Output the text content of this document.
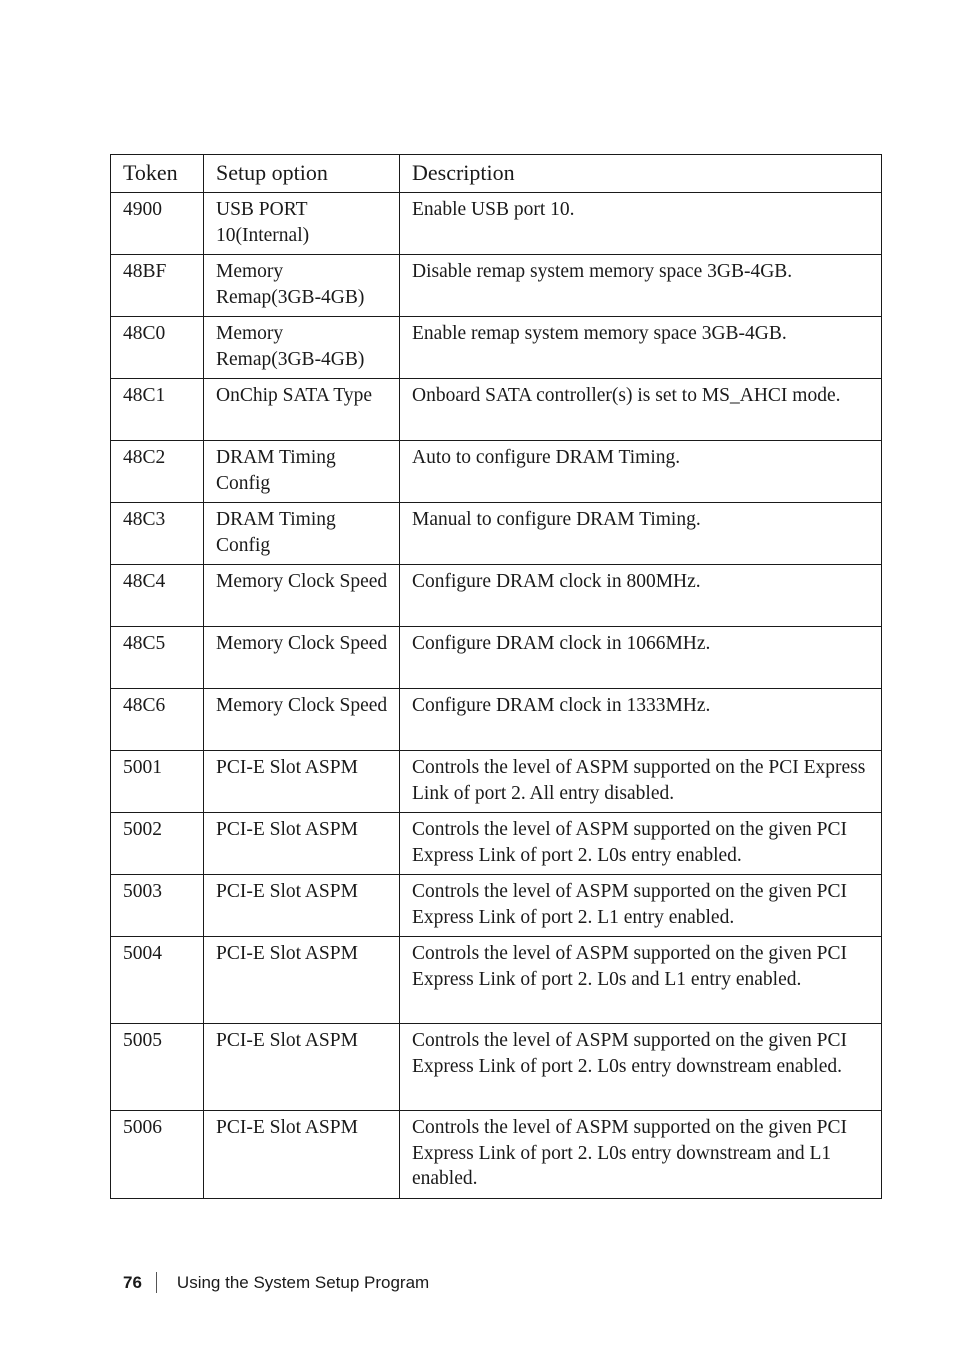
Token	Setup option	Description
4900	USB PORT 10(Internal)	Enable USB port 10.
48BF	Memory Remap(3GB-4GB)	Disable remap system memory space 3GB-4GB.
48C0	Memory Remap(3GB-4GB)	Enable remap system memory space 3GB-4GB.
48C1	OnChip SATA Type	Onboard SATA controller(s) is set to MS_AHCI mode.
48C2	DRAM Timing Config	Auto to configure DRAM Timing.
48C3	DRAM Timing Config	Manual to configure DRAM Timing.
48C4	Memory Clock Speed	Configure DRAM clock in 800MHz.
48C5	Memory Clock Speed	Configure DRAM clock in 1066MHz.
48C6	Memory Clock Speed	Configure DRAM clock in 1333MHz.
5001	PCI-E Slot ASPM	Controls the level of ASPM supported on the PCI Express Link of port 2. All entry disabled.
5002	PCI-E Slot ASPM	Controls the level of ASPM supported on the given PCI Express Link of port 2. L0s entry enabled.
5003	PCI-E Slot ASPM	Controls the level of ASPM supported on the given PCI Express Link of port 2. L1 entry enabled.
5004	PCI-E Slot ASPM	Controls the level of ASPM supported on the given PCI Express Link of port 2. L0s and L1 entry enabled.
5005	PCI-E Slot ASPM	Controls the level of ASPM supported on the given PCI Express Link of port 2. L0s entry downstream enabled.
5006	PCI-E Slot ASPM	Controls the level of ASPM supported on the given PCI Express Link of port 2. L0s entry downstream and L1 enabled.
76 Using the System Setup Program
